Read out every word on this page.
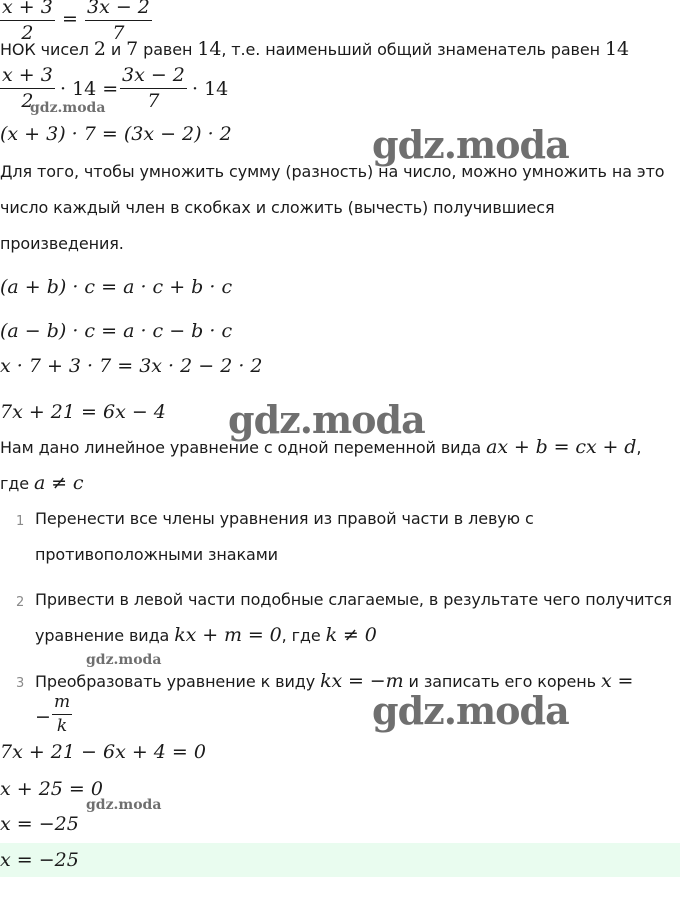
x + 3
2
=
3x − 2
7
НОК чисел 2 и 7 равен 14, т.е. наименьший общий знаменатель равен 14
x + 3
2
· 14 =
3x − 2
7
· 14
(x + 3) · 7 = (3x − 2) · 2
Для того, чтобы умножить сумму (разность) на число, можно умножить на это
число каждый член в скобках и сложить (вычесть) получившиеся
произведения.
(a + b) · c = a · c + b · c
(a − b) · c = a · c − b · c
x · 7 + 3 · 7 = 3x · 2 − 2 · 2
7x + 21 = 6x − 4
Нам дано линейное уравнение с одной переменной вида ax + b = cx + d,
где a ≠ c
1 Перенести все члены уравнения из правой части в левую с
противоположными знаками
2 Привести в левой части подобные слагаемые, в результате чего получится
уравнение вида kx + m = 0, где k ≠ 0
3 Преобразовать уравнение к виду kx = −m и записать его корень x =
−
m
k
7x + 21 − 6x + 4 = 0
x + 25 = 0
x = −25
x = −25
gdz.moda
gdz.moda
gdz.moda
gdz.moda
gdz.moda
gdz.moda
